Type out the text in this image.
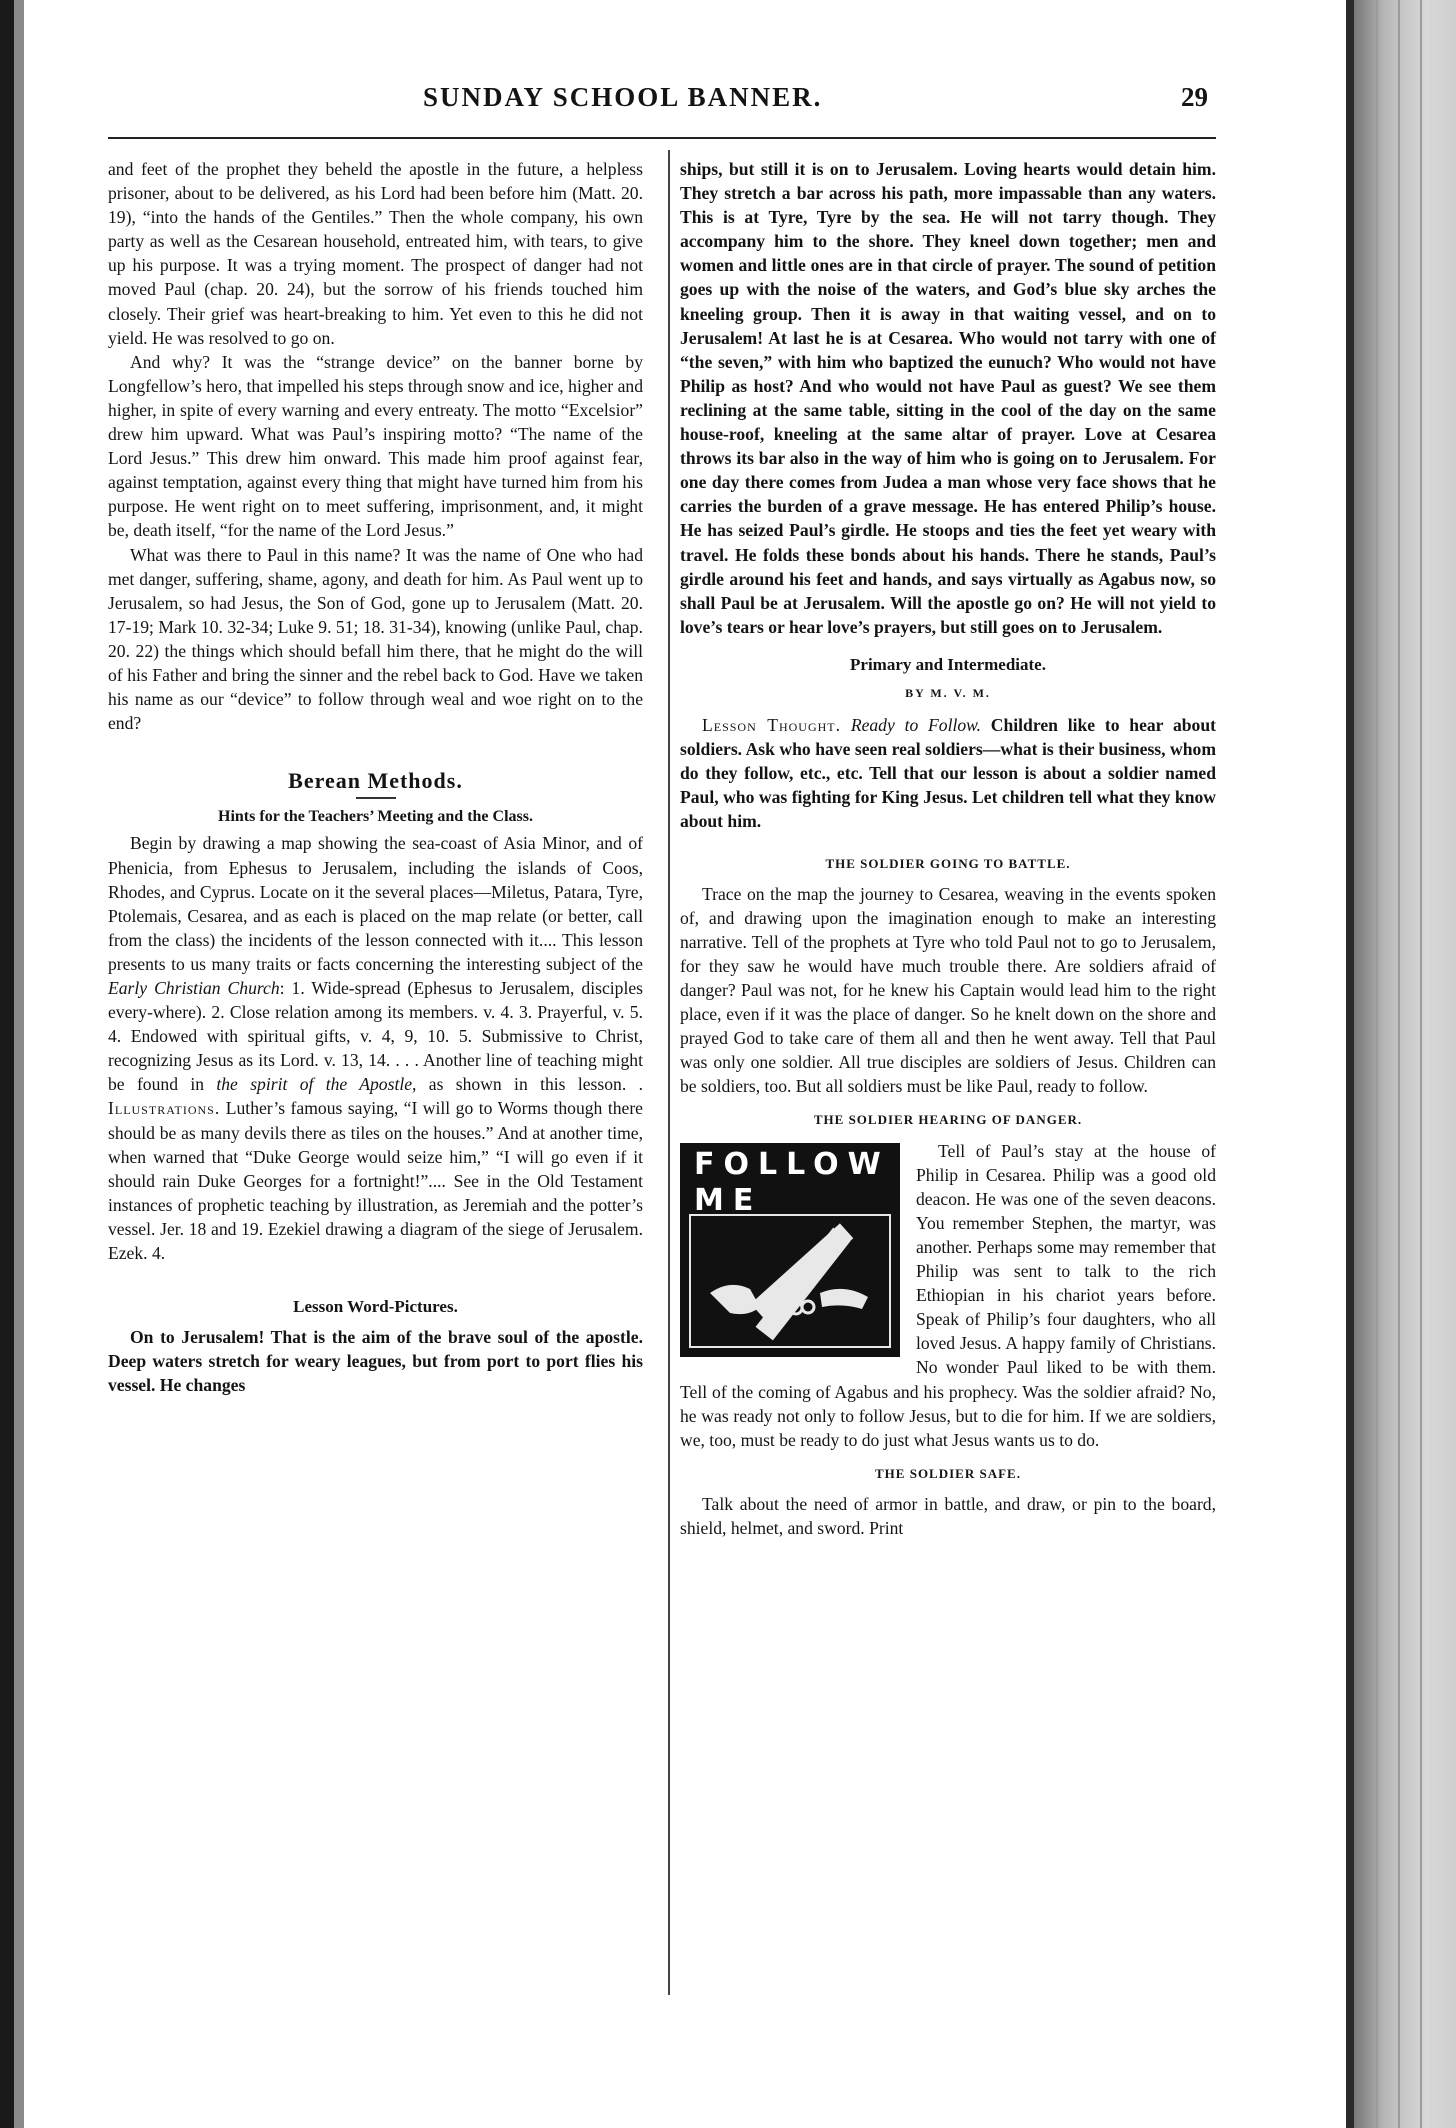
SUNDAY SCHOOL BANNER.	29

and feet of the prophet they beheld the apostle in the future, a helpless prisoner, about to be delivered, as his Lord had been before him (Matt. 20. 19), “into the hands of the Gentiles.” Then the whole company, his own party as well as the Cesarean household, entreated him, with tears, to give up his purpose. It was a trying moment. The prospect of danger had not moved Paul (chap. 20. 24), but the sorrow of his friends touched him closely. Their grief was heart-breaking to him. Yet even to this he did not yield. He was resolved to go on.

And why? It was the “strange device” on the banner borne by Longfellow’s hero, that impelled his steps through snow and ice, higher and higher, in spite of every warning and every entreaty. The motto “Excelsior” drew him upward. What was Paul’s inspiring motto? “The name of the Lord Jesus.” This drew him onward. This made him proof against fear, against temptation, against every thing that might have turned him from his purpose. He went right on to meet suffering, imprisonment, and, it might be, death itself, “for the name of the Lord Jesus.”

What was there to Paul in this name? It was the name of One who had met danger, suffering, shame, agony, and death for him. As Paul went up to Jerusalem, so had Jesus, the Son of God, gone up to Jerusalem (Matt. 20. 17-19; Mark 10. 32-34; Luke 9. 51; 18. 31-34), knowing (unlike Paul, chap. 20. 22) the things which should befall him there, that he might do the will of his Father and bring the sinner and the rebel back to God. Have we taken his name as our “device” to follow through weal and woe right on to the end?

Berean Methods.
Hints for the Teachers’ Meeting and the Class.

Begin by drawing a map showing the sea-coast of Asia Minor, and of Phenicia, from Ephesus to Jerusalem, including the islands of Coos, Rhodes, and Cyprus. Locate on it the several places—Miletus, Patara, Tyre, Ptolemais, Cesarea, and as each is placed on the map relate (or better, call from the class) the incidents of the lesson connected with it.... This lesson presents to us many traits or facts concerning the interesting subject of the Early Christian Church: 1. Wide-spread (Ephesus to Jerusalem, disciples every-where). 2. Close relation among its members. v. 4. 3. Prayerful, v. 5. 4. Endowed with spiritual gifts, v. 4, 9, 10. 5. Submissive to Christ, recognizing Jesus as its Lord. v. 13, 14. . . . Another line of teaching might be found in the spirit of the Apostle, as shown in this lesson. . Illustrations. Luther’s famous saying, “I will go to Worms though there should be as many devils there as tiles on the houses.” And at another time, when warned that “Duke George would seize him,” “I will go even if it should rain Duke Georges for a fortnight!”.... See in the Old Testament instances of prophetic teaching by illustration, as Jeremiah and the potter’s vessel. Jer. 18 and 19. Ezekiel drawing a diagram of the siege of Jerusalem. Ezek. 4.

Lesson Word-Pictures.

On to Jerusalem! That is the aim of the brave soul of the apostle. Deep waters stretch for weary leagues, but from port to port flies his vessel. He changes

ships, but still it is on to Jerusalem. Loving hearts would detain him. They stretch a bar across his path, more impassable than any waters. This is at Tyre, Tyre by the sea. He will not tarry though. They accompany him to the shore. They kneel down together; men and women and little ones are in that circle of prayer. The sound of petition goes up with the noise of the waters, and God’s blue sky arches the kneeling group. Then it is away in that waiting vessel, and on to Jerusalem! At last he is at Cesarea. Who would not tarry with one of “the seven,” with him who baptized the eunuch? Who would not have Philip as host? And who would not have Paul as guest? We see them reclining at the same table, sitting in the cool of the day on the same house-roof, kneeling at the same altar of prayer. Love at Cesarea throws its bar also in the way of him who is going on to Jerusalem. For one day there comes from Judea a man whose very face shows that he carries the burden of a grave message. He has entered Philip’s house. He has seized Paul’s girdle. He stoops and ties the feet yet weary with travel. He folds these bonds about his hands. There he stands, Paul’s girdle around his feet and hands, and says virtually as Agabus now, so shall Paul be at Jerusalem. Will the apostle go on? He will not yield to love’s tears or hear love’s prayers, but still goes on to Jerusalem.

Primary and Intermediate.
BY M. V. M.

Lesson Thought. Ready to Follow. Children like to hear about soldiers. Ask who have seen real soldiers—what is their business, whom do they follow, etc., etc. Tell that our lesson is about a soldier named Paul, who was fighting for King Jesus. Let children tell what they know about him.

THE SOLDIER GOING TO BATTLE.

Trace on the map the journey to Cesarea, weaving in the events spoken of, and drawing upon the imagination enough to make an interesting narrative. Tell of the prophets at Tyre who told Paul not to go to Jerusalem, for they saw he would have much trouble there. Are soldiers afraid of danger? Paul was not, for he knew his Captain would lead him to the right place, even if it was the place of danger. So he knelt down on the shore and prayed God to take care of them all and then he went away. Tell that Paul was only one soldier. All true disciples are soldiers of Jesus. Children can be soldiers, too. But all soldiers must be like Paul, ready to follow.

THE SOLDIER HEARING OF DANGER.
FOLLOW ME

Tell of Paul’s stay at the house of Philip in Cesarea. Philip was a good old deacon. He was one of the seven deacons. You remember Stephen, the martyr, was another. Perhaps some may remember that Philip was sent to talk to the rich Ethiopian in his chariot years before. Speak of Philip’s four daughters, who all loved Jesus. A happy family of Christians. No wonder Paul liked to be with them. Tell of the coming of Agabus and his prophecy. Was the soldier afraid? No, he was ready not only to follow Jesus, but to die for him. If we are soldiers, we, too, must be ready to do just what Jesus wants us to do.

THE SOLDIER SAFE.

Talk about the need of armor in battle, and draw, or pin to the board, shield, helmet, and sword. Print
